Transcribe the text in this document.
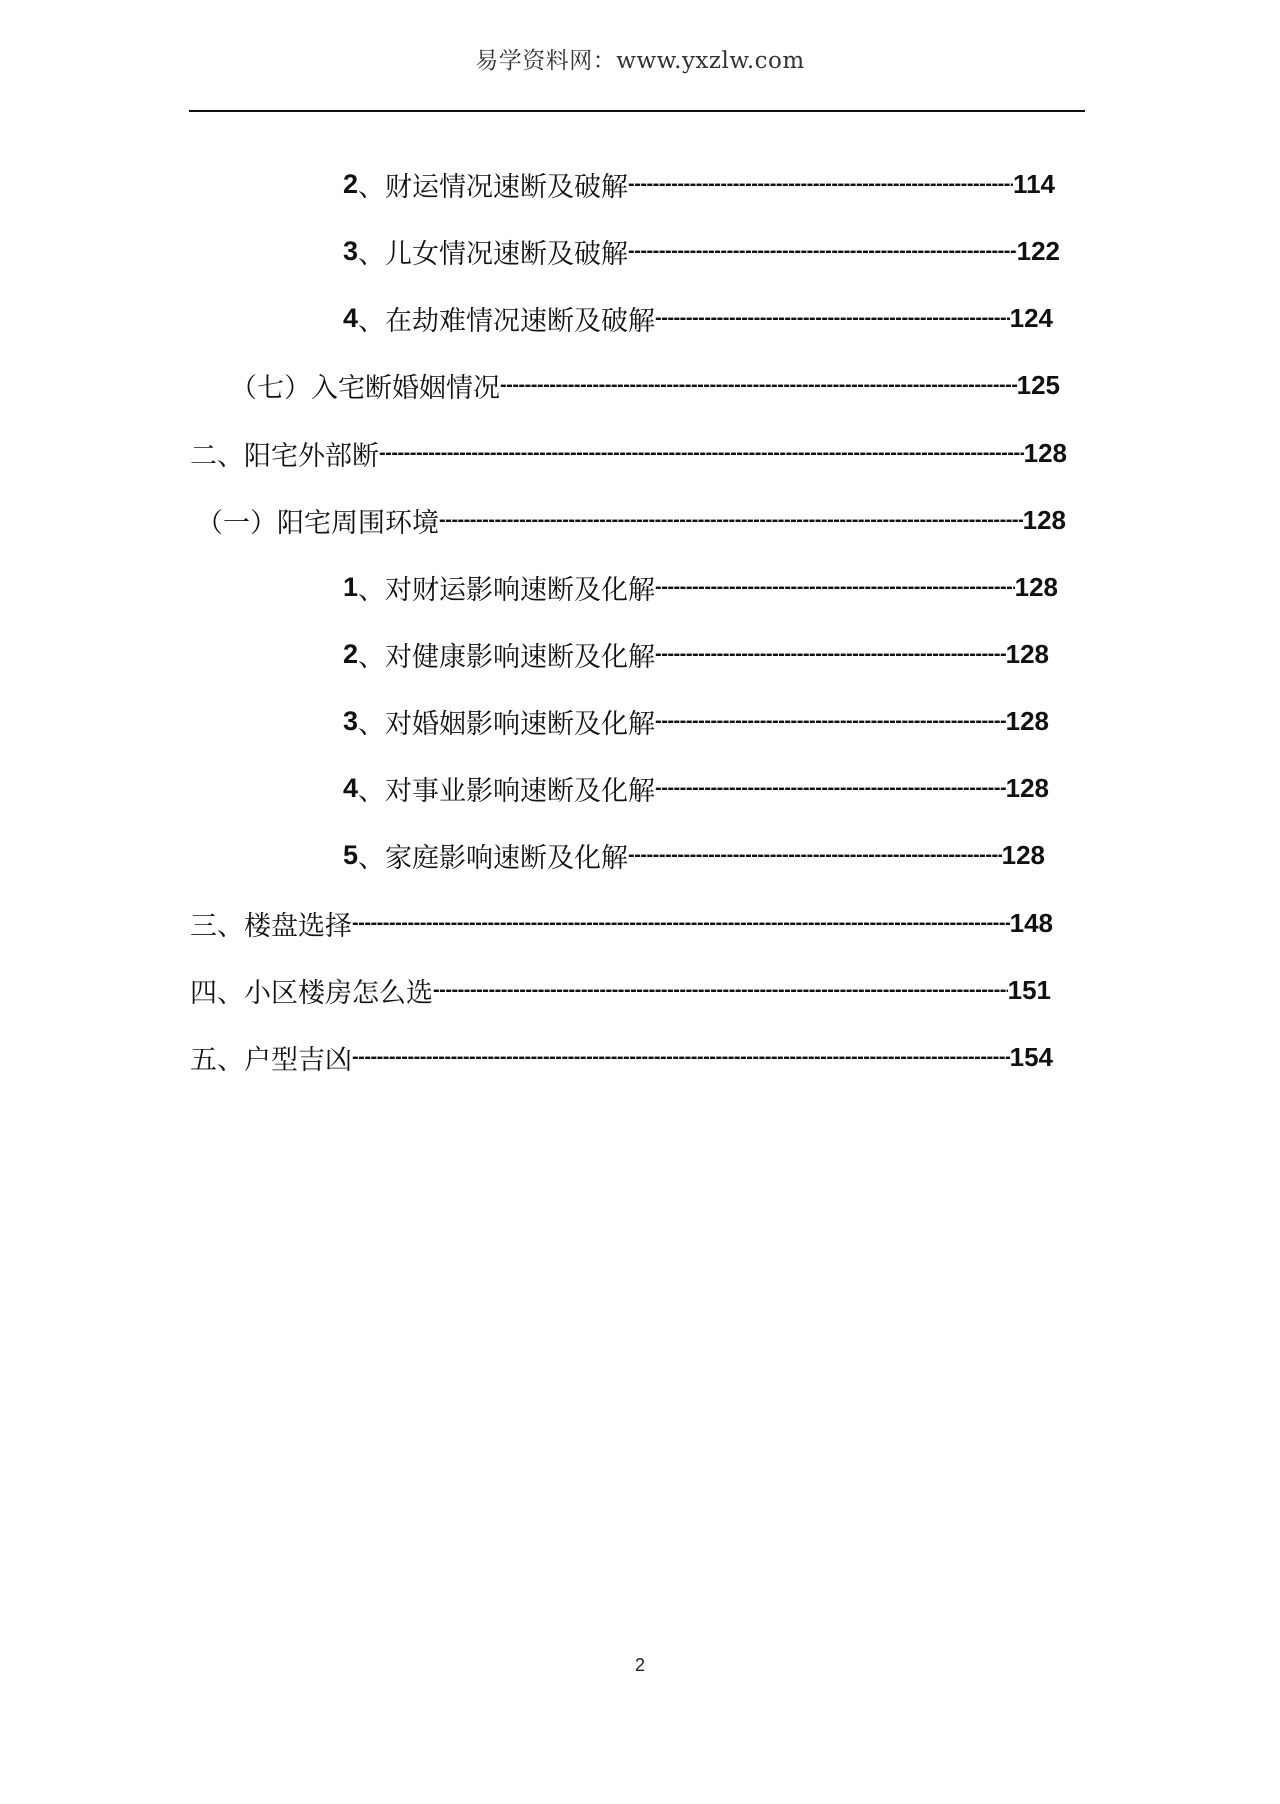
易学资料网：www.yxzlw.com
2 、 财运情况速断及破解 -----	114
3 、 儿女情况速断及破解 -----	122
4 、 在劫难情况速断及破解 -----	124
（七） 入宅断婚姻情况 -----	125
二、 阳宅外部断 -----	128
（一） 阳宅周围环境 -----	128
1 、 对财运影响速断及化解 -----	128
2 、 对健康影响速断及化解 -----	128
3 、 对婚姻影响速断及化解 -----	128
4 、 对事业影响速断及化解 -----	128
5 、 家庭影响速断及化解 -----	128
三、 楼盘选择 -----	148
四、 小区楼房怎么选 -----	151
五、 户型吉凶 -----	154
2
